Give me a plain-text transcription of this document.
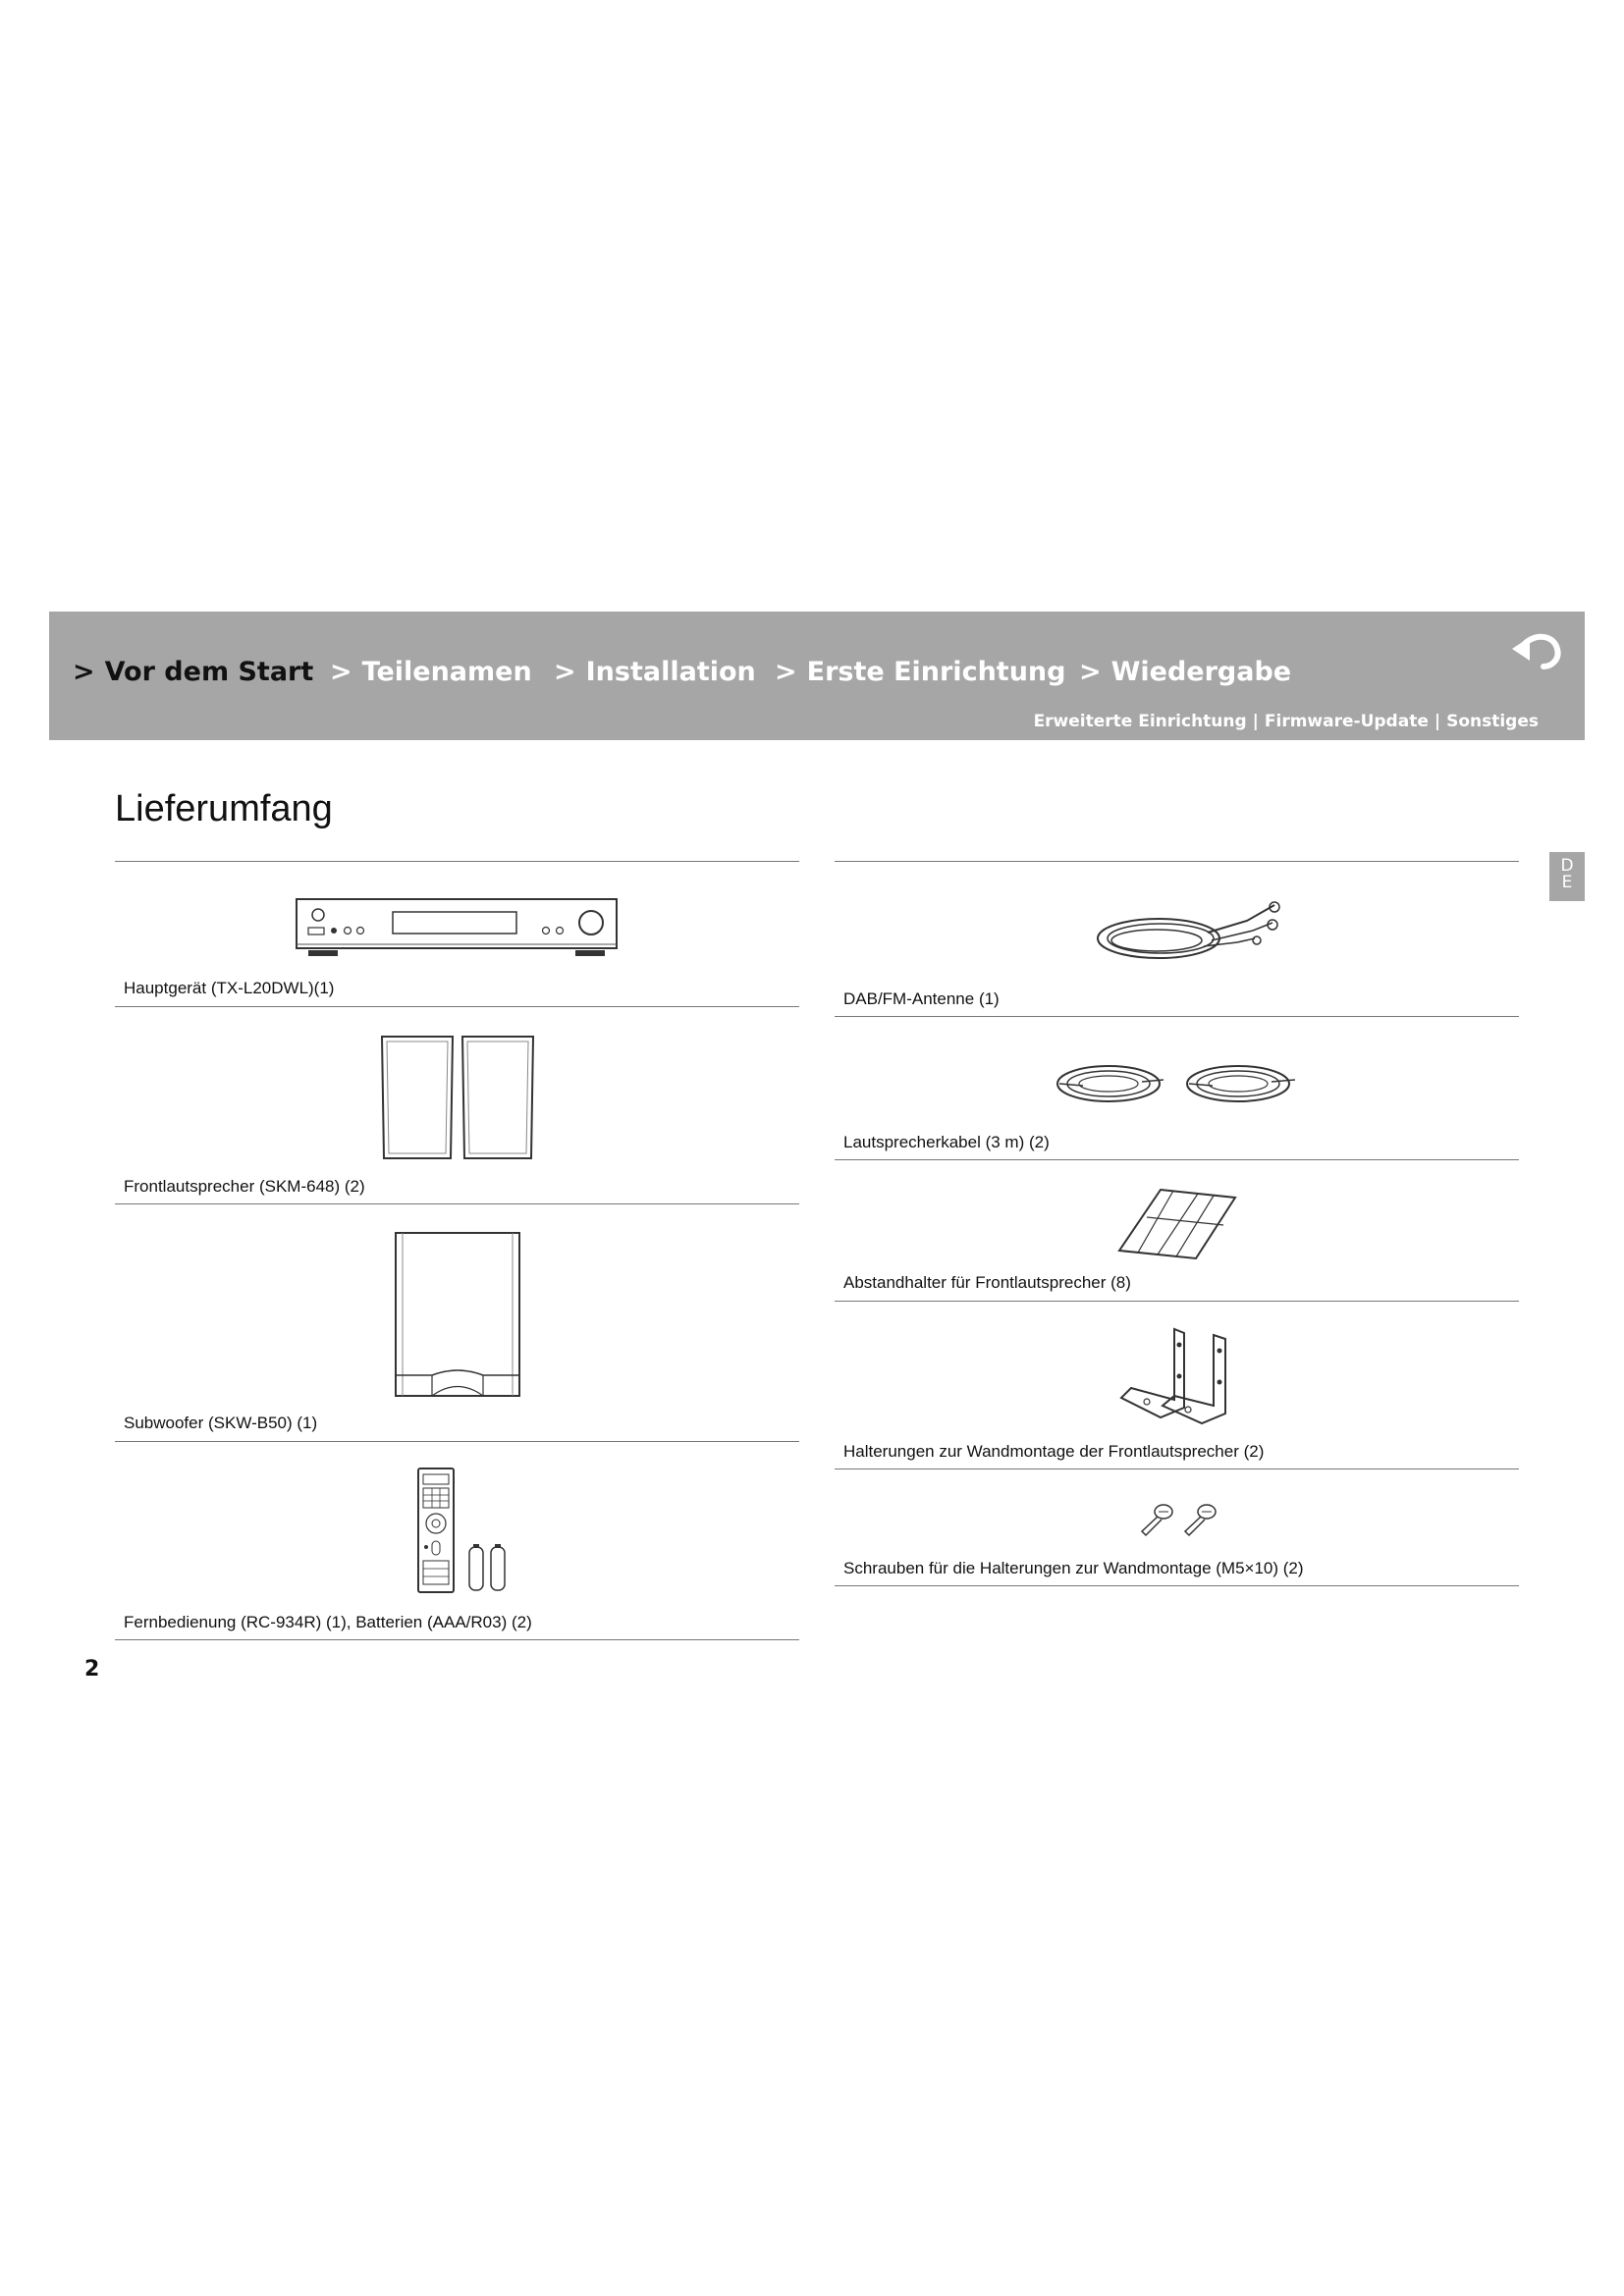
> Vor dem Start > Teilenamen > Installation > Erste Einrichtung > Wiedergabe
Erweiterte Einrichtung | Firmware-Update | Sonstiges
Lieferumfang
D
E
Hauptgerät (TX-L20DWL)(1)
Frontlautsprecher (SKM-648) (2)
Subwoofer (SKW-B50) (1)
Fernbedienung (RC-934R) (1), Batterien (AAA/R03) (2)
DAB/FM-Antenne (1)
Lautsprecherkabel (3 m) (2)
Abstandhalter für Frontlautsprecher (8)
Halterungen zur Wandmontage der Frontlautsprecher (2)
Schrauben für die Halterungen zur Wandmontage (M5×10) (2)
2
